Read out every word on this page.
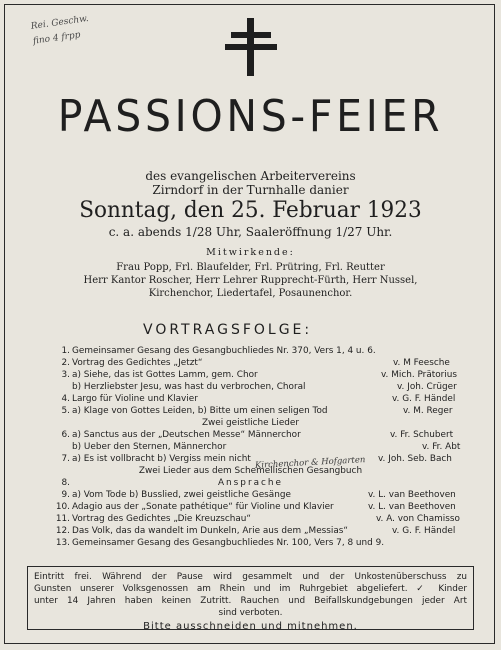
Rei. Geschw.
fino 4 frpp
PASSIONS-FEIER
des evangelischen Arbeitervereins
Zirndorf in der Turnhalle danier
Sonntag, den 25. Februar 1923
c. a. abends 1/28 Uhr, Saaleröffnung 1/27 Uhr.
Mitwirkende:
Frau Popp, Frl. Blaufelder, Frl. Prütring, Frl. Reutter
Herr Kantor Roscher, Herr Lehrer Rupprecht-Fürth, Herr Nussel,
Kirchenchor, Liedertafel, Posaunenchor.
VORTRAGSFOLGE:
1. Gemeinsamer Gesang des Gesangbuchliedes Nr. 370, Vers 1, 4 u. 6.
2. Vortrag des Gedichtes „Jetzt“	v. M Feesche
3. a) Siehe, das ist Gottes Lamm, gem. Chor	v. Mich. Prätorius
b) Herzliebster Jesu, was hast du verbrochen, Choral	v. Joh. Crüger
4. Largo für Violine und Klavier	v. G. F. Händel
5. a) Klage von Gottes Leiden, b) Bitte um einen seligen Tod	v. M. Reger
Zwei geistliche Lieder
6. a) Sanctus aus der „Deutschen Messe“ Männerchor	v. Fr. Schubert
b) Ueber den Sternen, Männerchor	v. Fr. Abt
7. a) Es ist vollbracht b) Vergiss mein nicht	v. Joh. Seb. Bach
Zwei Lieder aus dem Schemellischen Gesangbuch
8.	Ansprache
9. a) Vom Tode b) Busslied, zwei geistliche Gesänge	v. L. van Beethoven
10. Adagio aus der „Sonate pathétique“ für Violine und Klavier	v. L. van Beethoven
11. Vortrag des Gedichtes „Die Kreuzschau“	v. A. von Chamisso
12. Das Volk, das da wandelt im Dunkeln, Arie aus dem „Messias“	v. G. F. Händel
13. Gemeinsamer Gesang des Gesangbuchliedes Nr. 100, Vers 7, 8 und 9.
Kirchenchor & Hofgarten

Eintritt frei. Während der Pause wird gesammelt und der Unkostenüberschuss zu

Gunsten unserer Volksgenossen am Rhein und im Ruhrgebiet abgeliefert. ✓ Kinder

unter 14 Jahren haben keinen Zutritt. Rauchen und Beifallskundgebungen jeder Art

sind verboten.

Bitte ausschneiden und mitnehmen.
